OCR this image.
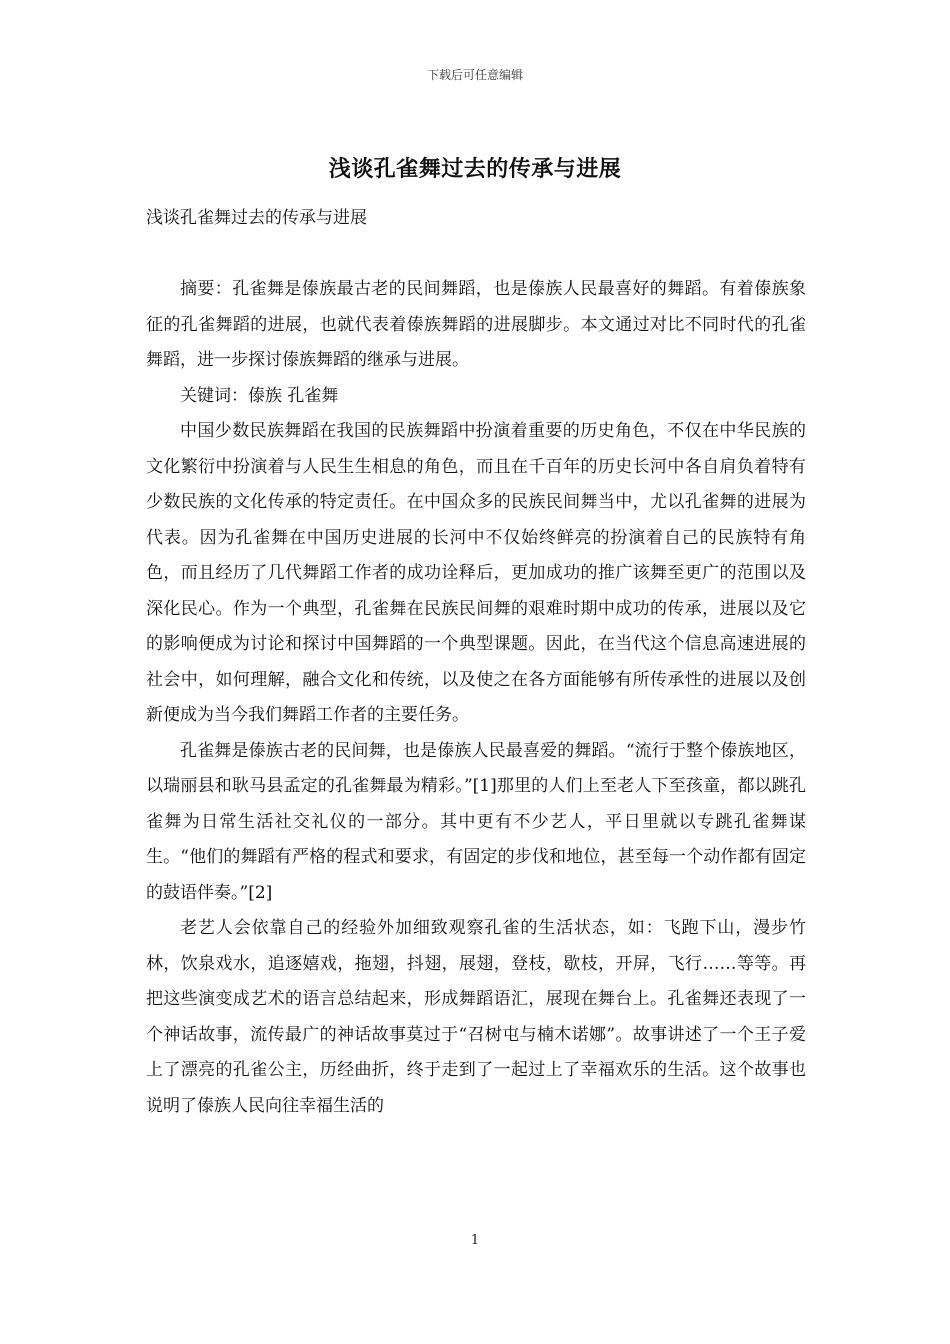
下载后可任意编辑
浅谈孔雀舞过去的传承与进展
浅谈孔雀舞过去的传承与进展

摘要：孔雀舞是傣族最古老的民间舞蹈，也是傣族人民最喜好的舞蹈。有着傣族象征的孔雀舞蹈的进展，也就代表着傣族舞蹈的进展脚步。本文通过对比不同时代的孔雀舞蹈，进一步探讨傣族舞蹈的继承与进展。

关键词：傣族 孔雀舞

中国少数民族舞蹈在我国的民族舞蹈中扮演着重要的历史角色，不仅在中华民族的文化繁衍中扮演着与人民生生相息的角色，而且在千百年的历史长河中各自肩负着特有少数民族的文化传承的特定责任。在中国众多的民族民间舞当中，尤以孔雀舞的进展为代表。因为孔雀舞在中国历史进展的长河中不仅始终鲜亮的扮演着自己的民族特有角色，而且经历了几代舞蹈工作者的成功诠释后，更加成功的推广该舞至更广的范围以及深化民心。作为一个典型，孔雀舞在民族民间舞的艰难时期中成功的传承，进展以及它的影响便成为讨论和探讨中国舞蹈的一个典型课题。因此，在当代这个信息高速进展的社会中，如何理解，融合文化和传统，以及使之在各方面能够有所传承性的进展以及创新便成为当今我们舞蹈工作者的主要任务。

孔雀舞是傣族古老的民间舞，也是傣族人民最喜爱的舞蹈。“流行于整个傣族地区，以瑞丽县和耿马县孟定的孔雀舞最为精彩。”[1]那里的人们上至老人下至孩童，都以跳孔雀舞为日常生活社交礼仪的一部分。其中更有不少艺人，平日里就以专跳孔雀舞谋生。“他们的舞蹈有严格的程式和要求，有固定的步伐和地位，甚至每一个动作都有固定的鼓语伴奏。”[2]

老艺人会依靠自己的经验外加细致观察孔雀的生活状态，如：飞跑下山，漫步竹林，饮泉戏水，追逐嬉戏，拖翅，抖翅，展翅，登枝，歇枝，开屏，飞行……等等。再把这些演变成艺术的语言总结起来，形成舞蹈语汇，展现在舞台上。孔雀舞还表现了一个神话故事，流传最广的神话故事莫过于“召树屯与楠木诺娜”。故事讲述了一个王子爱上了漂亮的孔雀公主，历经曲折，终于走到了一起过上了幸福欢乐的生活。这个故事也说明了傣族人民向往幸福生活的

1
